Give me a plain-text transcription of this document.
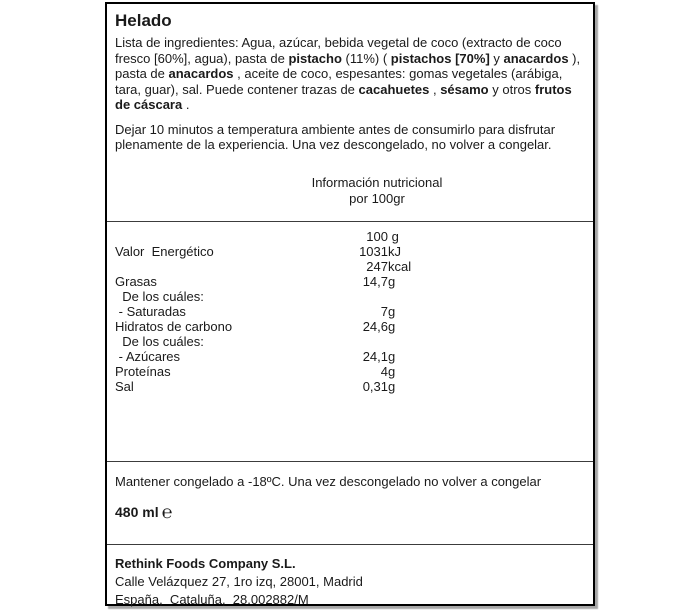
Helado

Lista de ingredientes: Agua, azúcar, bebida vegetal de coco (extracto de coco fresco [60%], agua), pasta de pistacho (11%) ( pistachos [70%] y anacardos ), pasta de anacardos , aceite de coco, espesantes: gomas vegetales (arábiga, tara, guar), sal. Puede contener trazas de cacahuetes , sésamo y otros frutos de cáscara .

Dejar 10 minutos a temperatura ambiente antes de consumirlo para disfrutar plenamente de la experiencia. Una vez descongelado, no volver a congelar.

Información nutricional
por 100gr
100 g
Valor  Energético	1031 kJ
247 kcal
Grasas	14,7 g
De los cuáles:
- Saturadas	7 g
Hidratos de carbono	24,6 g
De los cuáles:
- Azúcares	24,1 g
Proteínas	4 g
Sal	0,31 g

Mantener congelado a -18ºC. Una vez descongelado no volver a congelar

480 ml ℮

Rethink Foods Company S.L.
Calle Velázquez 27, 1ro izq, 28001, Madrid
España,  Cataluña,  28.002882/M
